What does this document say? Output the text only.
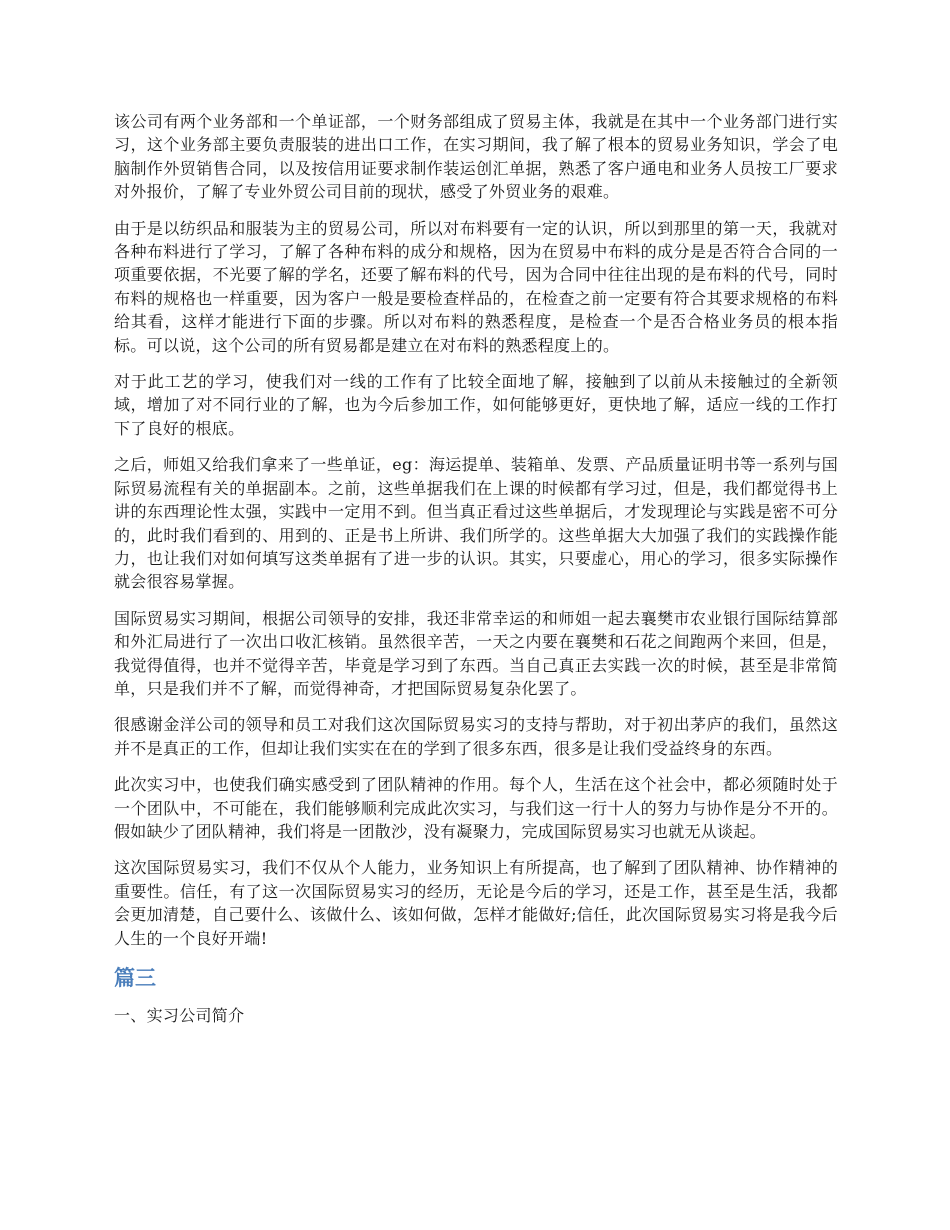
该公司有两个业务部和一个单证部，一个财务部组成了贸易主体，我就是在其中一个业务部门进行实习，这个业务部主要负责服装的进出口工作，在实习期间，我了解了根本的贸易业务知识，学会了电脑制作外贸销售合同，以及按信用证要求制作装运创汇单据，熟悉了客户通电和业务人员按工厂要求对外报价，了解了专业外贸公司目前的现状，感受了外贸业务的艰难。

由于是以纺织品和服装为主的贸易公司，所以对布料要有一定的认识，所以到那里的第一天，我就对各种布料进行了学习，了解了各种布料的成分和规格，因为在贸易中布料的成分是是否符合合同的一项重要依据，不光要了解的学名，还要了解布料的代号，因为合同中往往出现的是布料的代号，同时布料的规格也一样重要，因为客户一般是要检查样品的，在检查之前一定要有符合其要求规格的布料给其看，这样才能进行下面的步骤。所以对布料的熟悉程度，是检查一个是否合格业务员的根本指标。可以说，这个公司的所有贸易都是建立在对布料的熟悉程度上的。

对于此工艺的学习，使我们对一线的工作有了比较全面地了解，接触到了以前从未接触过的全新领域，增加了对不同行业的了解，也为今后参加工作，如何能够更好，更快地了解，适应一线的工作打下了良好的根底。

之后，师姐又给我们拿来了一些单证，eg：海运提单、装箱单、发票、产品质量证明书等一系列与国际贸易流程有关的单据副本。之前，这些单据我们在上课的时候都有学习过，但是，我们都觉得书上讲的东西理论性太强，实践中一定用不到。但当真正看过这些单据后，才发现理论与实践是密不可分的，此时我们看到的、用到的、正是书上所讲、我们所学的。这些单据大大加强了我们的实践操作能力，也让我们对如何填写这类单据有了进一步的认识。其实，只要虚心，用心的学习，很多实际操作就会很容易掌握。

国际贸易实习期间，根据公司领导的安排，我还非常幸运的和师姐一起去襄樊市农业银行国际结算部和外汇局进行了一次出口收汇核销。虽然很辛苦，一天之内要在襄樊和石花之间跑两个来回，但是，我觉得值得，也并不觉得辛苦，毕竟是学习到了东西。当自己真正去实践一次的时候，甚至是非常简单，只是我们并不了解，而觉得神奇，才把国际贸易复杂化罢了。

很感谢金洋公司的领导和员工对我们这次国际贸易实习的支持与帮助，对于初出茅庐的我们，虽然这并不是真正的工作，但却让我们实实在在的学到了很多东西，很多是让我们受益终身的东西。

此次实习中，也使我们确实感受到了团队精神的作用。每个人，生活在这个社会中，都必须随时处于一个团队中，不可能在，我们能够顺利完成此次实习，与我们这一行十人的努力与协作是分不开的。假如缺少了团队精神，我们将是一团散沙，没有凝聚力，完成国际贸易实习也就无从谈起。

这次国际贸易实习，我们不仅从个人能力，业务知识上有所提高，也了解到了团队精神、协作精神的重要性。信任，有了这一次国际贸易实习的经历，无论是今后的学习，还是工作，甚至是生活，我都会更加清楚，自己要什么、该做什么、该如何做，怎样才能做好;信任，此次国际贸易实习将是我今后人生的一个良好开端!

篇三

一、实习公司简介
